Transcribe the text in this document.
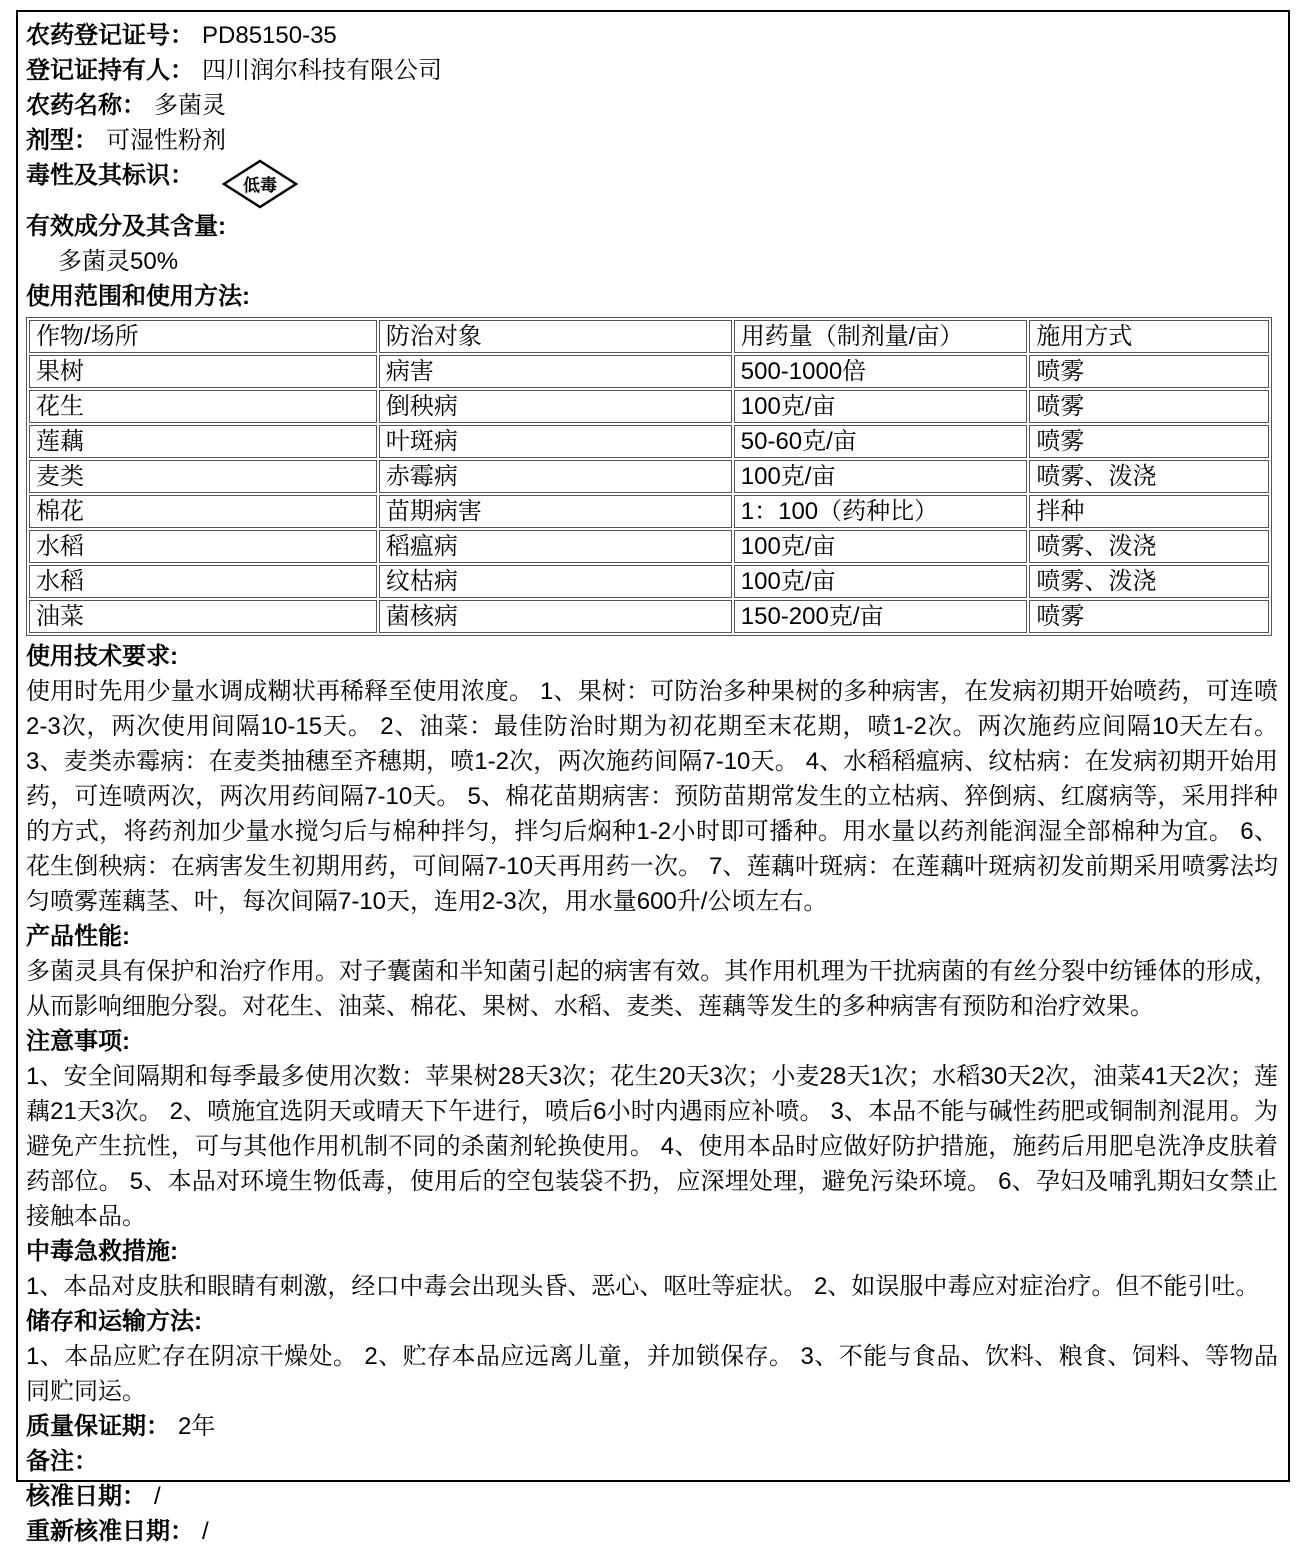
农药登记证号： PD85150-35
登记证持有人： 四川润尔科技有限公司
农药名称： 多菌灵
剂型： 可湿性粉剂
毒性及其标识：	低毒
有效成分及其含量:
多菌灵50%
使用范围和使用方法:
作物/场所	防治对象	用药量（制剂量/亩）	施用方式
果树	病害	500-1000倍	喷雾
花生	倒秧病	100克/亩	喷雾
莲藕	叶斑病	50-60克/亩	喷雾
麦类	赤霉病	100克/亩	喷雾、泼浇
棉花	苗期病害	1：100（药种比）	拌种
水稻	稻瘟病	100克/亩	喷雾、泼浇
水稻	纹枯病	100克/亩	喷雾、泼浇
油菜	菌核病	150-200克/亩	喷雾
使用技术要求:
使用时先用少量水调成糊状再稀释至使用浓度。 1、果树：可防治多种果树的多种病害，在发病初期开始喷药，可连喷2-3次，两次使用间隔10-15天。 2、油菜：最佳防治时期为初花期至末花期，喷1-2次。两次施药应间隔10天左右。 3、麦类赤霉病：在麦类抽穗至齐穗期，喷1-2次，两次施药间隔7-10天。 4、水稻稻瘟病、纹枯病：在发病初期开始用药，可连喷两次，两次用药间隔7-10天。 5、棉花苗期病害：预防苗期常发生的立枯病、猝倒病、红腐病等，采用拌种的方式，将药剂加少量水搅匀后与棉种拌匀，拌匀后焖种1-2小时即可播种。用水量以药剂能润湿全部棉种为宜。 6、花生倒秧病：在病害发生初期用药，可间隔7-10天再用药一次。 7、莲藕叶斑病：在莲藕叶斑病初发前期采用喷雾法均匀喷雾莲藕茎、叶，每次间隔7-10天，连用2-3次，用水量600升/公顷左右。
产品性能:
多菌灵具有保护和治疗作用。对子囊菌和半知菌引起的病害有效。其作用机理为干扰病菌的有丝分裂中纺锤体的形成，从而影响细胞分裂。对花生、油菜、棉花、果树、水稻、麦类、莲藕等发生的多种病害有预防和治疗效果。
注意事项:
1、安全间隔期和每季最多使用次数：苹果树28天3次；花生20天3次；小麦28天1次；水稻30天2次，油菜41天2次；莲藕21天3次。 2、喷施宜选阴天或晴天下午进行，喷后6小时内遇雨应补喷。 3、本品不能与碱性药肥或铜制剂混用。为避免产生抗性，可与其他作用机制不同的杀菌剂轮换使用。 4、使用本品时应做好防护措施，施药后用肥皂洗净皮肤着药部位。 5、本品对环境生物低毒，使用后的空包装袋不扔，应深埋处理，避免污染环境。 6、孕妇及哺乳期妇女禁止接触本品。
中毒急救措施:
1、本品对皮肤和眼睛有刺激，经口中毒会出现头昏、恶心、呕吐等症状。 2、如误服中毒应对症治疗。但不能引吐。
储存和运输方法:
1、本品应贮存在阴凉干燥处。 2、贮存本品应远离儿童，并加锁保存。 3、不能与食品、饮料、粮食、饲料、等物品同贮同运。
质量保证期： 2年
备注：
核准日期： /
重新核准日期： /
